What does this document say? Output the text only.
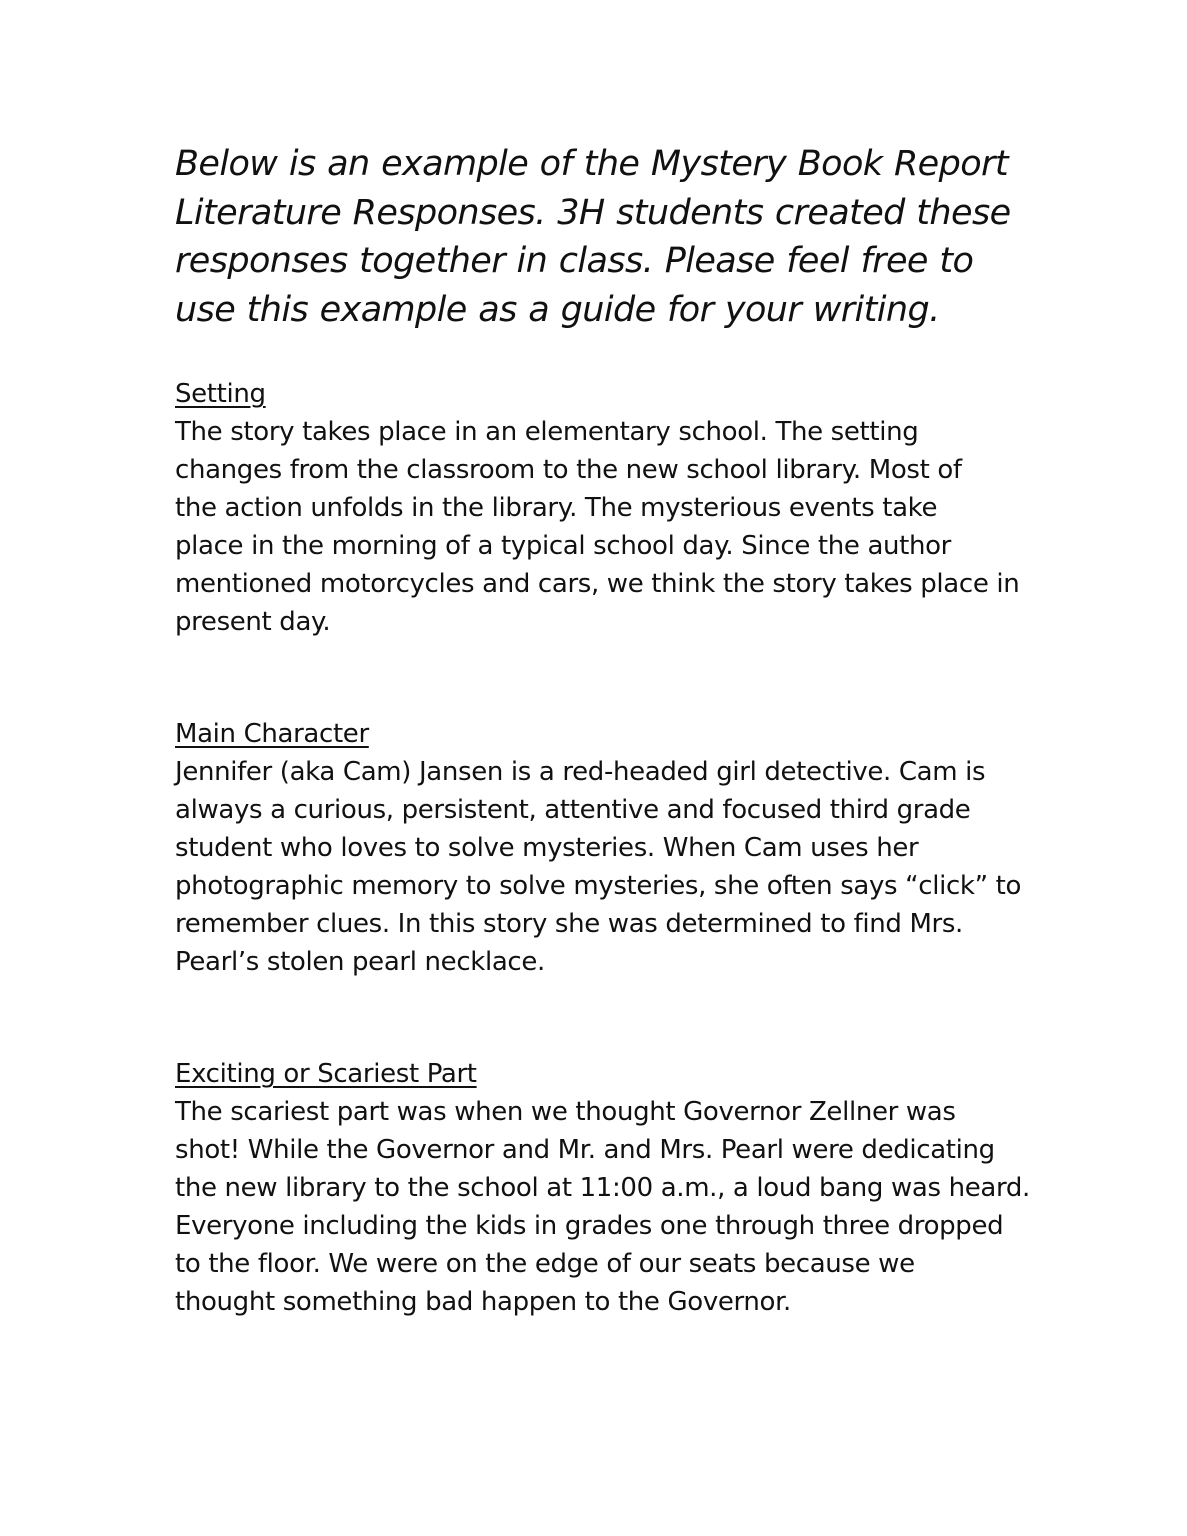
Below is an example of the Mystery Book Report
Literature Responses. 3H students created these
responses together in class. Please feel free to
use this example as a guide for your writing.

Setting

The story takes place in an elementary school. The setting
changes from the classroom to the new school library. Most of
the action unfolds in the library. The mysterious events take
place in the morning of a typical school day. Since the author
mentioned motorcycles and cars, we think the story takes place in
present day.

Main Character

Jennifer (aka Cam) Jansen is a red-headed girl detective. Cam is
always a curious, persistent, attentive and focused third grade
student who loves to solve mysteries. When Cam uses her
photographic memory to solve mysteries, she often says “click” to
remember clues. In this story she was determined to find Mrs.
Pearl’s stolen pearl necklace.

Exciting or Scariest Part

The scariest part was when we thought Governor Zellner was
shot! While the Governor and Mr. and Mrs. Pearl were dedicating
the new library to the school at 11:00 a.m., a loud bang was heard.
Everyone including the kids in grades one through three dropped
to the floor. We were on the edge of our seats because we
thought something bad happen to the Governor.
